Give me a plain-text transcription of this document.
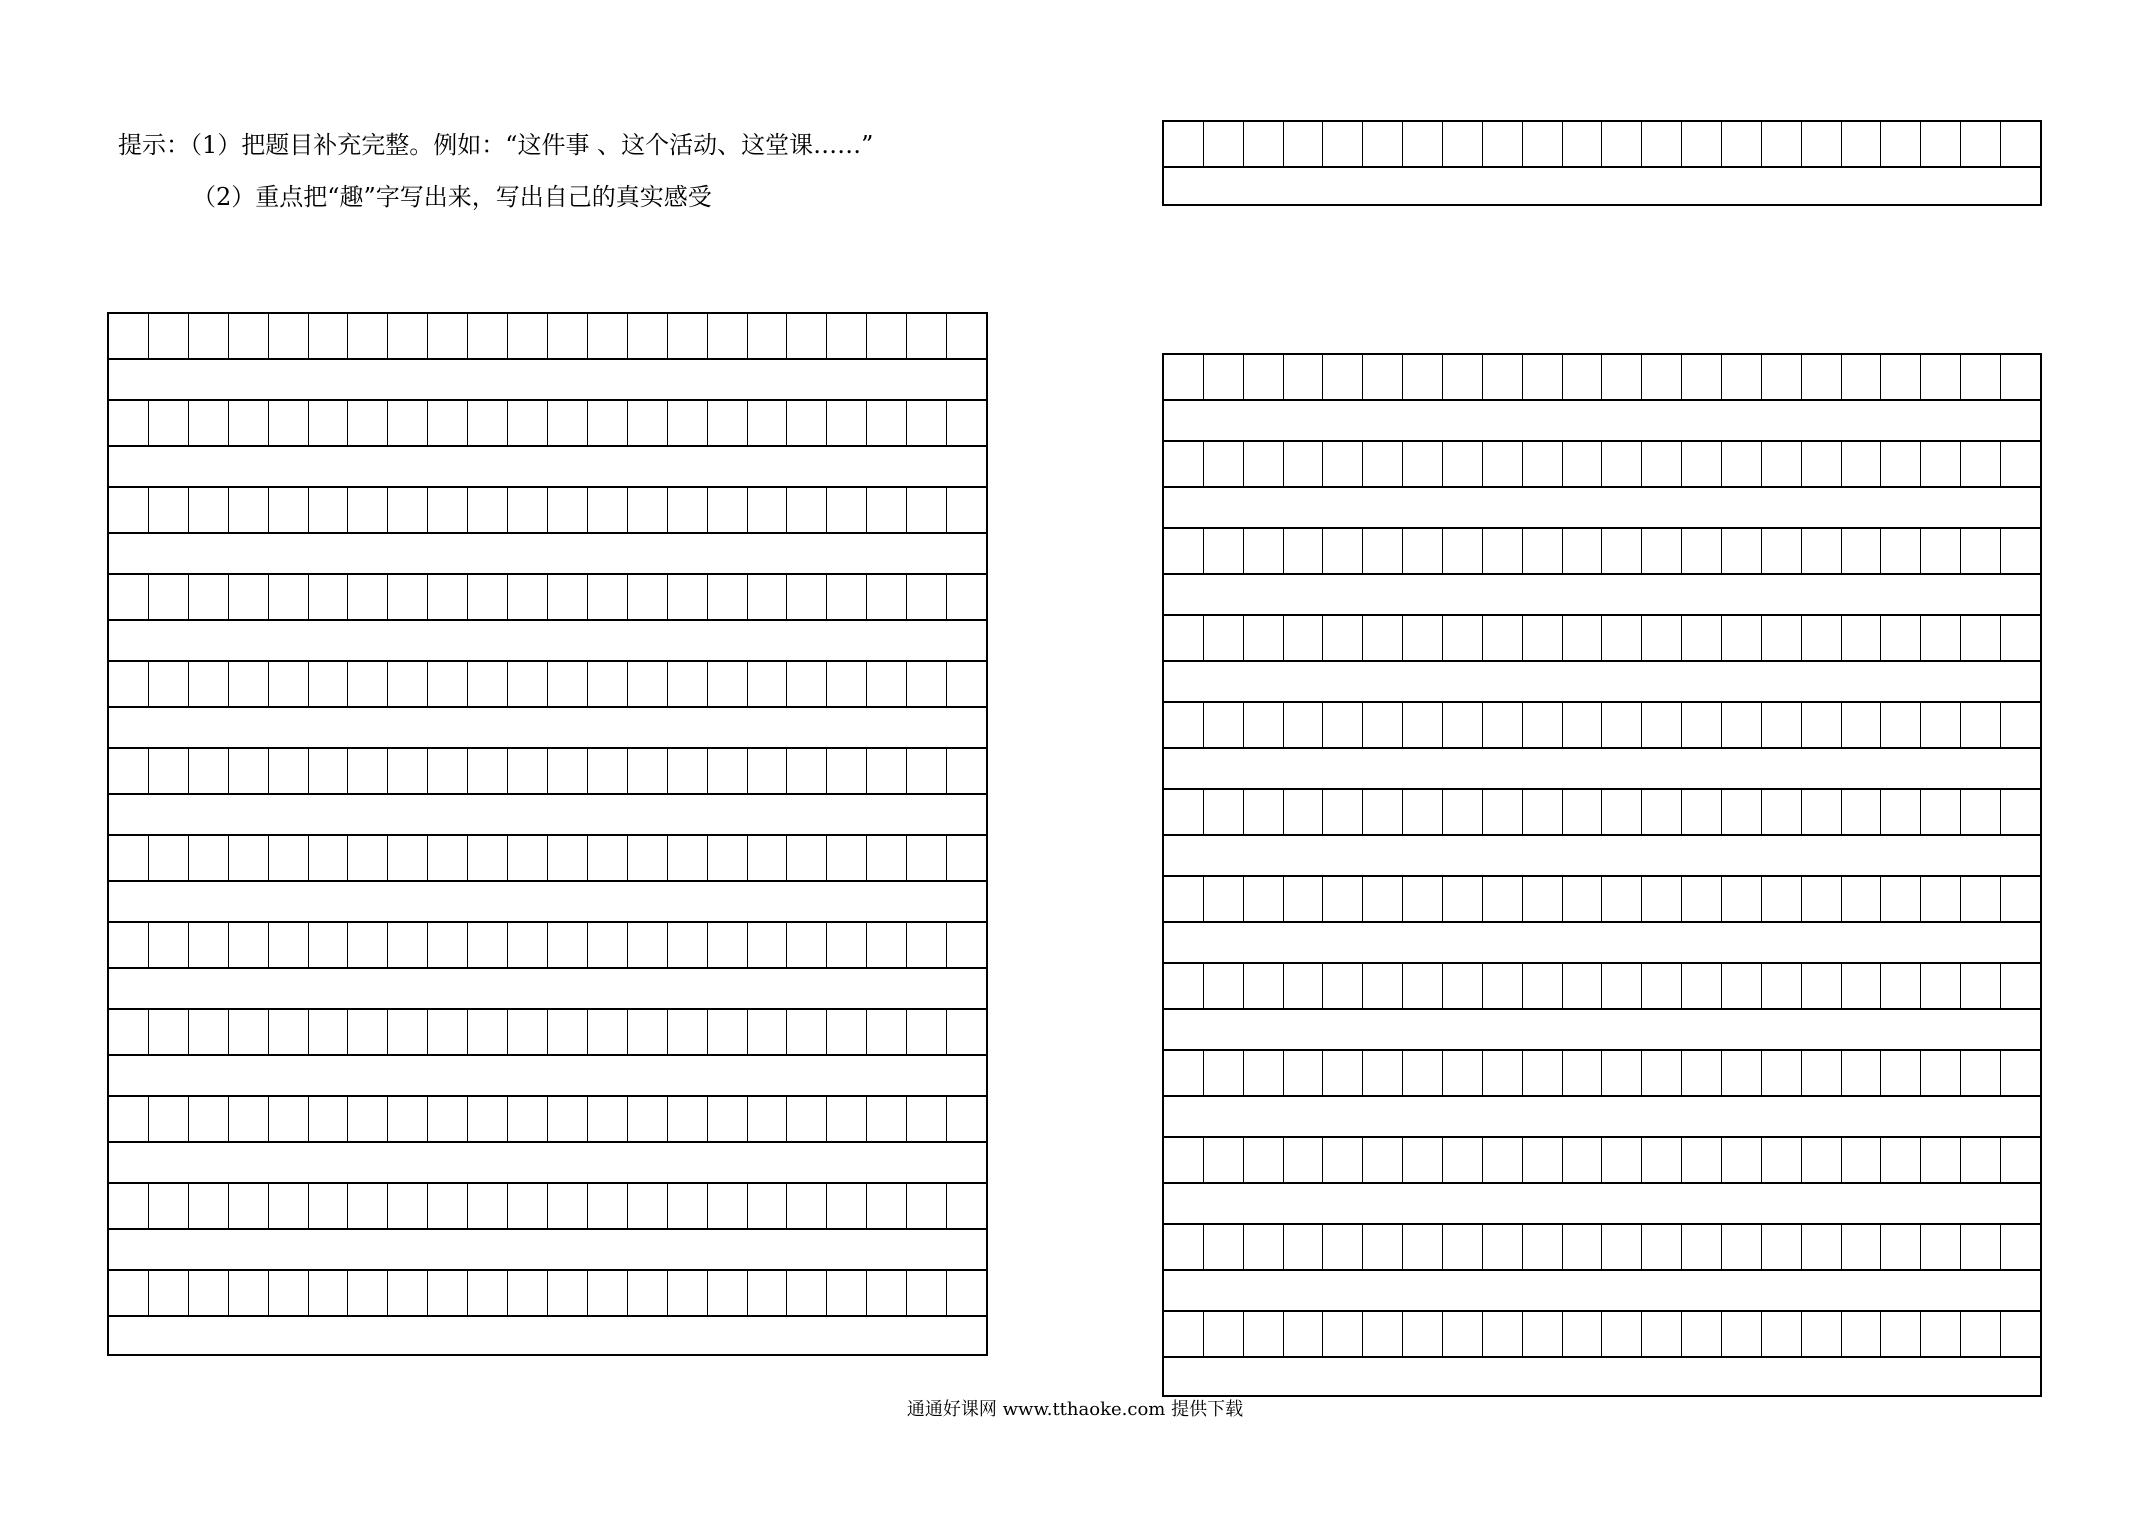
提示：（1）把题目补充完整。例如：“这件事 、这个活动、这堂课……”
（2）重点把“趣”字写出来，写出自己的真实感受
通通好课网 www.tthaoke.com 提供下载
